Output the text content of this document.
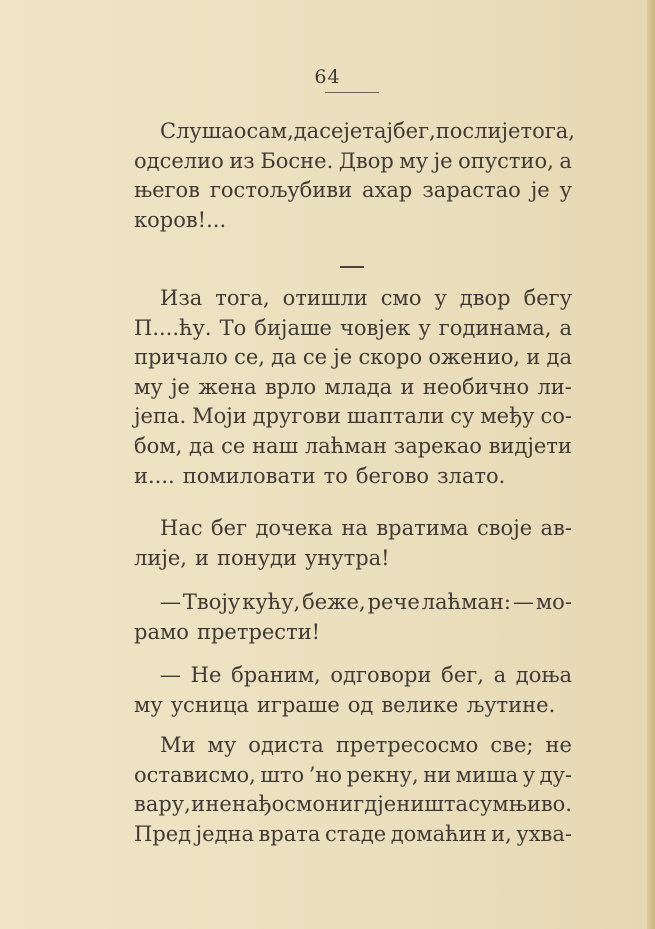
64
Слушао сам, да се је тај бег, послије тога,
одселио из Босне. Двор му је опустио, а
његов гостољубиви ахар зарастао је у
коров!...
Иза тога, отишли смо у двор бегу
П....ћу. То бијаше човјек у годинама, а
причало се, да се је скоро оженио, и да
му је жена врло млада и необично ли-
јепа. Моји другови шаптали су међу со-
бом, да се наш лаћман зарекао видјети
и.... помиловати то бегово злато.
Нас бег дочека на вратима своје ав-
лије, и понуди унутра!
— Твоју кућу, беже, рече лаћман: — мо-
рамо претрести!
— Не браним, одговори бег, а доња
му усница играше од велике љутине.
Ми му одиста претресосмо све; не
остависмо, што ’но рекну, ни миша у ду-
вару, и не нађосмо нигдје ништа сумњиво.
Пред једна врата стаде домаћин и, ухва-
